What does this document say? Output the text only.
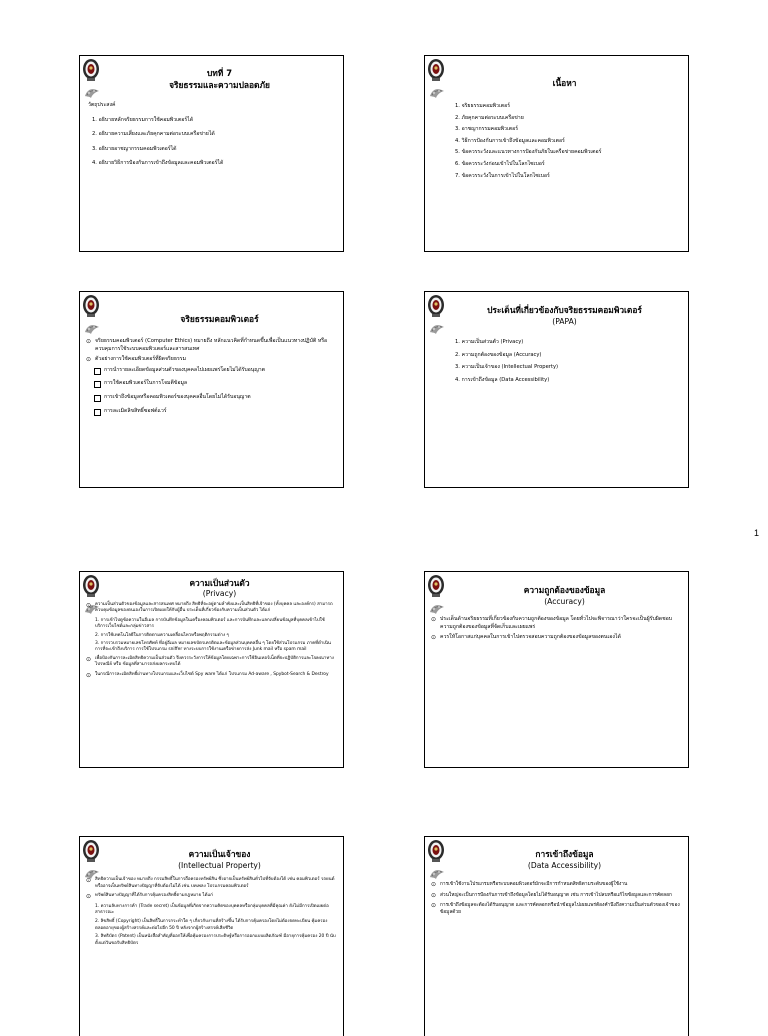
บทที่ 7
จริยธรรมและความปลอดภัย
วัตถุประสงค์
1. อธิบายหลักจริยธรรมการใช้คอมพิวเตอร์ได้
2. อธิบายความเสี่ยงและภัยคุกคามต่อระบบเครือข่ายได้
3. อธิบายอาชญากรรมคอมพิวเตอร์ได้
4. อธิบายวิธีการป้องกันการเข้าถึงข้อมูลและคอมพิวเตอร์ได้
เนื้อหา
1. จริยธรรมคอมพิวเตอร์
2. ภัยคุกคามต่อระบบเครือข่าย
3. อาชญากรรมคอมพิวเตอร์
4. วิธีการป้องกันการเข้าถึงข้อมูลและคอมพิวเตอร์
5. ข้อควรระวังและแนวทางการป้องกันภัยในเครือข่ายคอมพิวเตอร์
6. ข้อควรระวังก่อนเข้าไปในโลกไซเบอร์
7. ข้อควรระวังในการเข้าไปในโลกไซเบอร์
จริยธรรมคอมพิวเตอร์
⊙ จริยธรรมคอมพิวเตอร์ (Computer Ethics) หมายถึง หลักแนวคิดที่กำหนดขึ้นเพื่อเป็นแนวทางปฏิบัติ หรือควบคุมการใช้ระบบคอมพิวเตอร์และสารสนเทศ
⊙ ตัวอย่างการใช้คอมพิวเตอร์ที่ผิดจริยธรรม
การนำรายละเอียดข้อมูลส่วนตัวของบุคคลไปเผยแพร่โดยไม่ได้รับอนุญาต
การใช้คอมพิวเตอร์ในการโจมตีข้อมูล
การเข้าถึงข้อมูลหรือคอมพิวเตอร์ของบุคคลอื่นโดยไม่ได้รับอนุญาต
การละเมิดลิขสิทธิ์ซอฟต์แวร์
ประเด็นที่เกี่ยวข้องกับจริยธรรมคอมพิวเตอร์
(PAPA)
1. ความเป็นส่วนตัว (Privacy)
2. ความถูกต้องของข้อมูล (Accuracy)
3. ความเป็นเจ้าของ (Intellectual Property)
4. การเข้าถึงข้อมูล (Data Accessibility)
1
ความเป็นส่วนตัว
(Privacy)
⊙ ความเป็นส่วนตัวของข้อมูลและสารสนเทศ หมายถึง สิทธิที่จะอยู่ตามลำพังและเป็นสิทธิที่เจ้าของ (ทั้งบุคคล และองค์กร) สามารถควบคุมข้อมูลของตนเองในการเปิดเผยให้กับผู้อื่น ประเด็นที่เกี่ยวข้องกับความเป็นส่วนตัว ได้แก่
1. การเข้าไปดูข้อความในอีเมล การบันทึกข้อมูลในเครื่องคอมพิวเตอร์ และการบันทึกและแลกเปลี่ยนข้อมูลที่บุคคลเข้าไปใช้บริการเว็บไซต์และกลุ่มข่าวสาร
2. การใช้เทคโนโลยีในการติดตามความเคลื่อนไหวหรือพฤติกรรมต่าง ๆ
3. การรวบรวมหมายเลขโทรศัพท์ ที่อยู่อีเมล หมายเลขบัตรเครดิตและข้อมูลส่วนบุคคลอื่น ๆ โดยใช้ส่วนโปรแกรม ภาคที่ดำเนินการที่จะเข้าถึงบริการ การใช้โปรแกรม sniffer ทางระบบการใช้งานเครือข่ายการส่ง Junk mail หรือ spam mail
⊙ เพื่อป้องกันการละเมิดสิทธิความเป็นส่วนตัว จึงควรระวังการให้ข้อมูลโดยเฉพาะการใช้อินเทอร์เน็ตที่จะปฏิบัติการและโฆษณาทางไปรษณีย์ หรือ ข้อมูลที่สามารถส่งผลกระทบได้
⊙ ในกรณีการละเมิดสิทธิ์ผ่านทางโปรแกรมและเว็บไซต์ Spy ware ได้แก่ โปรแกรม Ad-aware , Spybot-Search & Destroy
ความถูกต้องของข้อมูล
(Accuracy)
⊙ ประเด็นด้านจริยธรรมที่เกี่ยวข้องกับความถูกต้องของข้อมูล โดยทั่วไปจะพิจารณาว่าใครจะเป็นผู้รับผิดชอบความถูกต้องของข้อมูลที่จัดเก็บและเผยแพร่
⊙ ควรให้โอกาสแก่บุคคลในการเข้าไปตรวจสอบความถูกต้องของข้อมูลของตนเองได้
ความเป็นเจ้าของ
(Intellectual Property)
⊙ สิทธิความเป็นเจ้าของ หมายถึง กรรมสิทธิ์ในการถือครองทรัพย์สิน ซึ่งอาจเป็นทรัพย์สินทั่วไปที่จับต้องได้ เช่น คอมพิวเตอร์ รถยนต์ หรืออาจเป็นทรัพย์สินทางปัญญาที่จับต้องไม่ได้ เช่น บทเพลง โปรแกรมคอมพิวเตอร์
⊙ ทรัพย์สินทางปัญญาที่ได้รับการคุ้มครองสิทธิ์ตามกฎหมาย ได้แก่
1. ความลับทางการค้า (Trade secret) เป็นข้อมูลที่เกิดจากความคิดของบุคคลหรือกลุ่มบุคคลที่มีคุณค่า ยังไม่มีการเปิดเผยต่อสาธารณะ
2. ลิขสิทธิ์ (Copyright) เป็นสิทธิ์ในการกระทำใด ๆ เกี่ยวกับงานที่สร้างขึ้น ได้รับการคุ้มครองโดยไม่ต้องจดทะเบียน คุ้มครองตลอดอายุของผู้สร้างสรรค์และต่อไปอีก 50 ปี หลังจากผู้สร้างสรรค์เสียชีวิต
3. สิทธิบัตร (Patent) เป็นหนังสือสำคัญที่ออกให้เพื่อคุ้มครองการประดิษฐ์หรือการออกแบบผลิตภัณฑ์ มีอายุการคุ้มครอง 20 ปี นับตั้งแต่วันขอรับสิทธิบัตร
การเข้าถึงข้อมูล
(Data Accessibility)
⊙ การเข้าใช้งานโปรแกรมหรือระบบคอมพิวเตอร์มักจะมีการกำหนดสิทธิตามระดับของผู้ใช้งาน
⊙ ส่วนใหญ่จะเป็นการป้องกันการเข้าถึงข้อมูลโดยไม่ได้รับอนุญาต เช่น การเข้าไปลบหรือแก้ไขข้อมูลและการคัดลอก
⊙ การเข้าถึงข้อมูลจะต้องได้รับอนุญาต และการคัดลอกหรือนำข้อมูลไปเผยแพร่ต้องคำนึงถึงความเป็นส่วนตัวของเจ้าของข้อมูลด้วย
